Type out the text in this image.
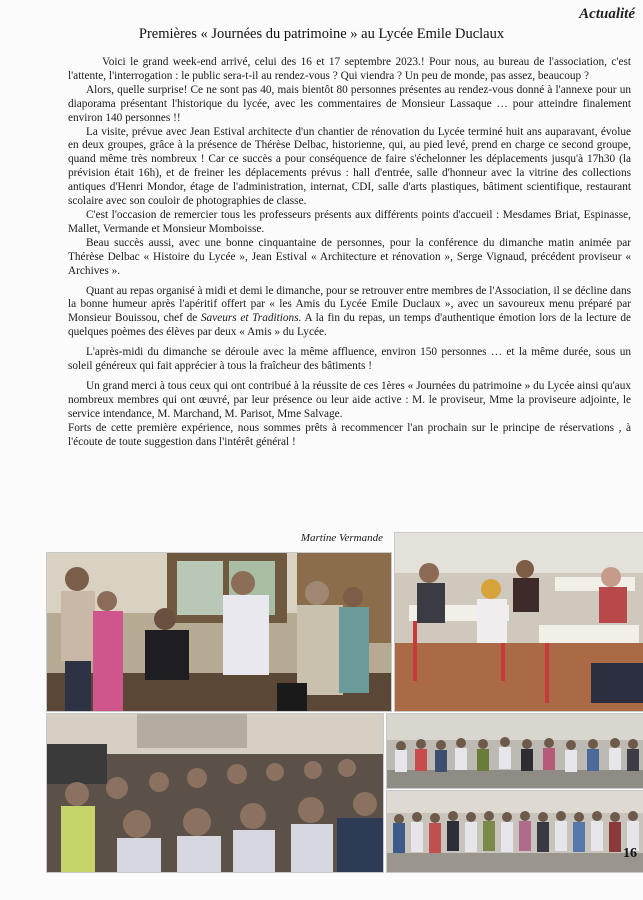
Actualité
Premières « Journées du patrimoine » au Lycée Emile Duclaux

Voici le grand week-end arrivé, celui des 16 et 17 septembre 2023.! Pour nous, au bureau de l'association, c'est l'attente, l'interrogation : le public sera-t-il au rendez-vous ? Qui viendra ? Un peu de monde, pas assez, beaucoup ?

Alors, quelle surprise! Ce ne sont pas 40, mais bientôt 80 personnes présentes au rendez-vous donné à l'annexe pour un diaporama présentant l'historique du lycée, avec les commentaires de Monsieur Lassaque … pour atteindre finalement environ 140 personnes !!

La visite, prévue avec Jean Estival architecte d'un chantier de rénovation du Lycée terminé huit ans auparavant, évolue en deux groupes, grâce à la présence de Thérèse Delbac, historienne, qui, au pied levé, prend en charge ce second groupe, quand même très nombreux ! Car ce succès a pour conséquence de faire s'échelonner les déplacements jusqu'à 17h30 (la prévision était 16h), et de freiner les déplacements prévus : hall d'entrée, salle d'honneur avec la vitrine des collections antiques d'Henri Mondor, étage de l'administration, internat, CDI, salle d'arts plastiques, bâtiment scientifique, restaurant scolaire avec son couloir de photographies de classe.

C'est l'occasion de remercier tous les professeurs présents aux différents points d'accueil : Mesdames Briat, Espinasse, Mallet, Vermande et Monsieur Momboisse.

Beau succès aussi, avec une bonne cinquantaine de personnes, pour la conférence du dimanche matin animée par Thérèse Delbac « Histoire du Lycée », Jean Estival « Architecture et rénovation », Serge Vignaud, précédent proviseur « Archives ».

Quant au repas organisé à midi et demi le dimanche, pour se retrouver entre membres de l'Association, il se décline dans la bonne humeur après l'apéritif offert par « les Amis du Lycée Emile Duclaux », avec un savoureux menu préparé par Monsieur Bouissou, chef de Saveurs et Traditions. A la fin du repas, un temps d'authentique émotion lors de la lecture de quelques poèmes des élèves par deux « Amis » du Lycée.

L'après-midi du dimanche se déroule avec la même affluence, environ 150 personnes … et la même durée, sous un soleil généreux qui fait apprécier à tous la fraîcheur des bâtiments !

Un grand merci à tous ceux qui ont contribué à la réussite de ces 1ères « Journées du patrimoine » du Lycée ainsi qu'aux nombreux membres qui ont œuvré, par leur présence ou leur aide active : M. le proviseur, Mme la proviseure adjointe, le service intendance, M. Marchand, M. Parisot, Mme Salvage.

Forts de cette première expérience, nous sommes prêts à recommencer l'an prochain sur le principe de réservations , à l'écoute de toute suggestion dans l'intérêt général !

Martine Vermande
16
